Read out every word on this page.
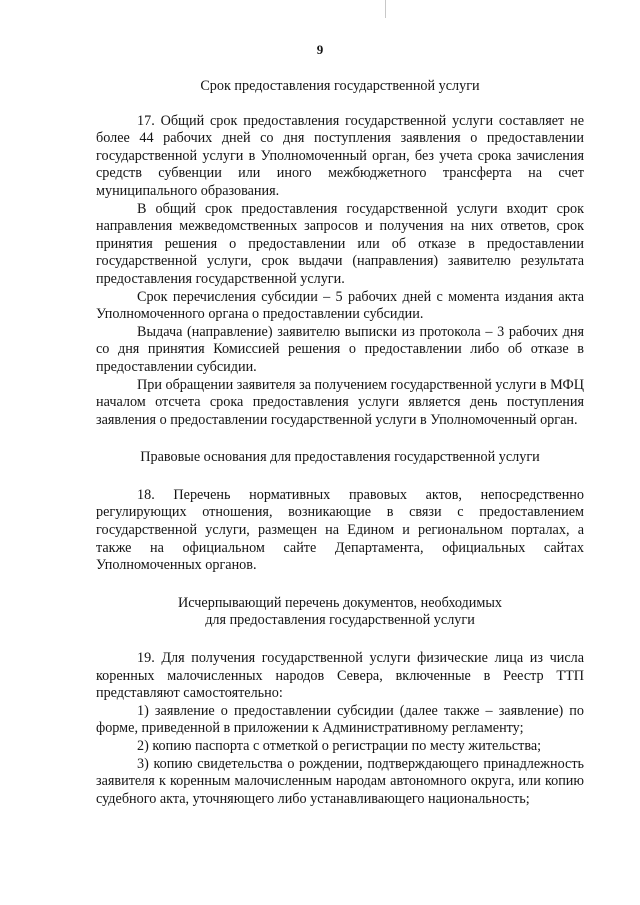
9

Срок предоставления государственной услуги

17. Общий срок предоставления государственной услуги составляет не более 44 рабочих дней со дня поступления заявления о предоставлении государственной услуги в Уполномоченный орган, без учета срока зачисления средств субвенции или иного межбюджетного трансферта на счет муниципального образования.

В общий срок предоставления государственной услуги входит срок направления межведомственных запросов и получения на них ответов, срок принятия решения о предоставлении или об отказе в предоставлении государственной услуги, срок выдачи (направления) заявителю результата предоставления государственной услуги.

Срок перечисления субсидии – 5 рабочих дней с момента издания акта Уполномоченного органа о предоставлении субсидии.

Выдача (направление) заявителю выписки из протокола – 3 рабочих дня со дня принятия Комиссией решения о предоставлении либо об отказе в предоставлении субсидии.

При обращении заявителя за получением государственной услуги в МФЦ началом отсчета срока предоставления услуги является день поступления заявления о предоставлении государственной услуги в Уполномоченный орган.

Правовые основания для предоставления государственной услуги

18. Перечень нормативных правовых актов, непосредственно регулирующих отношения, возникающие в связи с предоставлением государственной услуги, размещен на Едином и региональном порталах, а также на официальном сайте Департамента, официальных сайтах Уполномоченных органов.

Исчерпывающий перечень документов, необходимых

для предоставления государственной услуги

19. Для получения государственной услуги физические лица из числа коренных малочисленных народов Севера, включенные в Реестр ТТП представляют самостоятельно:

1) заявление о предоставлении субсидии (далее также – заявление) по форме, приведенной в приложении к Административному регламенту;

2) копию паспорта с отметкой о регистрации по месту жительства;

3) копию свидетельства о рождении, подтверждающего принадлежность заявителя к коренным малочисленным народам автономного округа, или копию судебного акта, уточняющего либо устанавливающего национальность;
